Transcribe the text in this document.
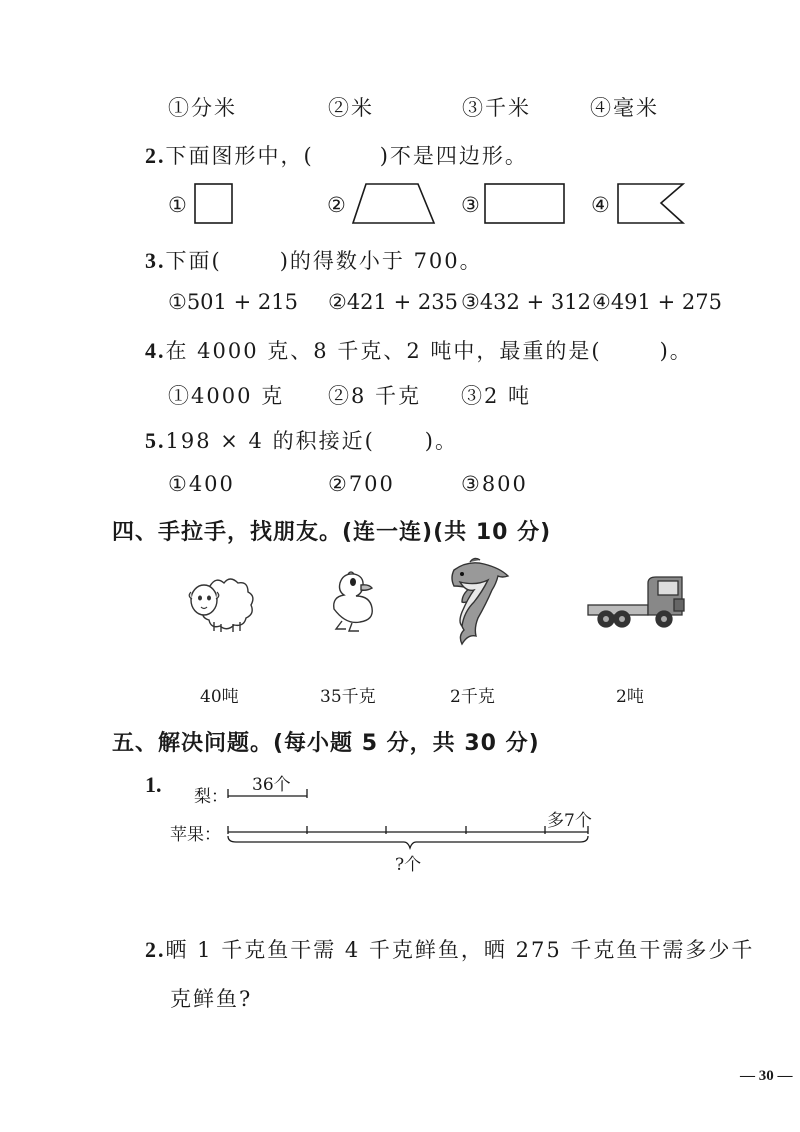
①分米	②米	③千米	④毫米
2.下面图形中，(	)不是四边形。
①	②	③	④
3.下面(	)的得数小于 700。
①501 + 215 ②421 + 235 ③432 + 312 ④491 + 275
4.在 4000 克、8 千克、2 吨中，最重的是(	)。
①4000 克 ②8 千克 ③2 吨
5.198 × 4 的积接近( )。
①400	②700	③800
四、手拉手，找朋友。(连一连)(共 10 分)
40吨	35千克	2千克	2吨
五、解决问题。(每小题 5 分，共 30 分)
1. 梨：
苹果：
36个
多7个
?个
2.晒 1 千克鱼干需 4 千克鲜鱼，晒 275 千克鱼干需多少千
克鲜鱼?
— 30 —
